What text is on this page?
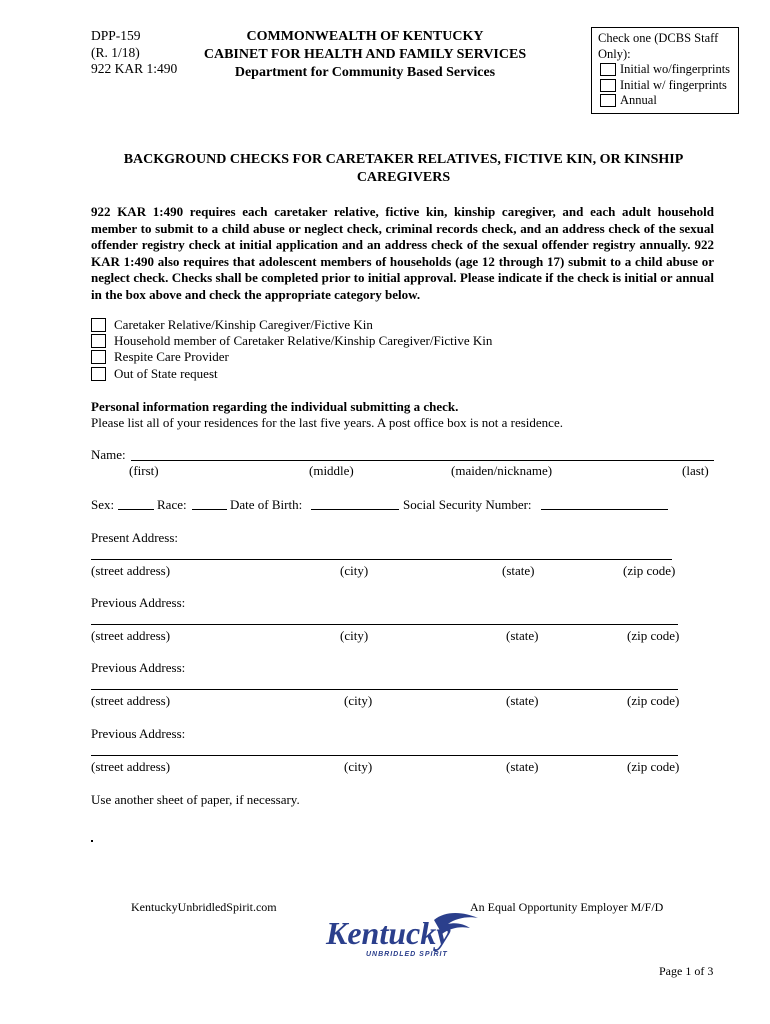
DPP-159
(R. 1/18)
922 KAR 1:490
COMMONWEALTH OF KENTUCKY
CABINET FOR HEALTH AND FAMILY SERVICES
Department for Community Based Services
Check one (DCBS Staff
Only):
Initial wo/fingerprints
Initial w/ fingerprints
Annual
BACKGROUND CHECKS FOR CARETAKER RELATIVES, FICTIVE KIN, OR KINSHIP
CAREGIVERS
922 KAR 1:490 requires each caretaker relative, fictive kin, kinship caregiver, and each adult household member to submit to a child abuse or neglect check, criminal records check, and an address check of the sexual offender registry check at initial application and an address check of the sexual offender registry annually. 922 KAR 1:490 also requires that adolescent members of households (age 12 through 17) submit to a child abuse or neglect check. Checks shall be completed prior to initial approval. Please indicate if the check is initial or annual in the box above and check the appropriate category below.
Caretaker Relative/Kinship Caregiver/Fictive Kin
Household member of Caretaker Relative/Kinship Caregiver/Fictive Kin
Respite Care Provider
Out of State request
Personal information regarding the individual submitting a check.
Please list all of your residences for the last five years. A post office box is not a residence.
Name:
(first)	(middle)	(maiden/nickname)	(last)
Sex:	Race:	Date of Birth:	Social Security Number:
Present Address:
(street address)	(city)	(state)	(zip code)
Previous Address:
(street address)	(city)	(state)	(zip code)
Previous Address:
(street address)	(city)	(state)	(zip code)
Previous Address:
(street address)	(city)	(state)	(zip code)
Use another sheet of paper, if necessary.
KentuckyUnbridledSpirit.com	An Equal Opportunity Employer M/F/D
Kentucky
UNBRIDLED SPIRIT
Page 1 of 3
